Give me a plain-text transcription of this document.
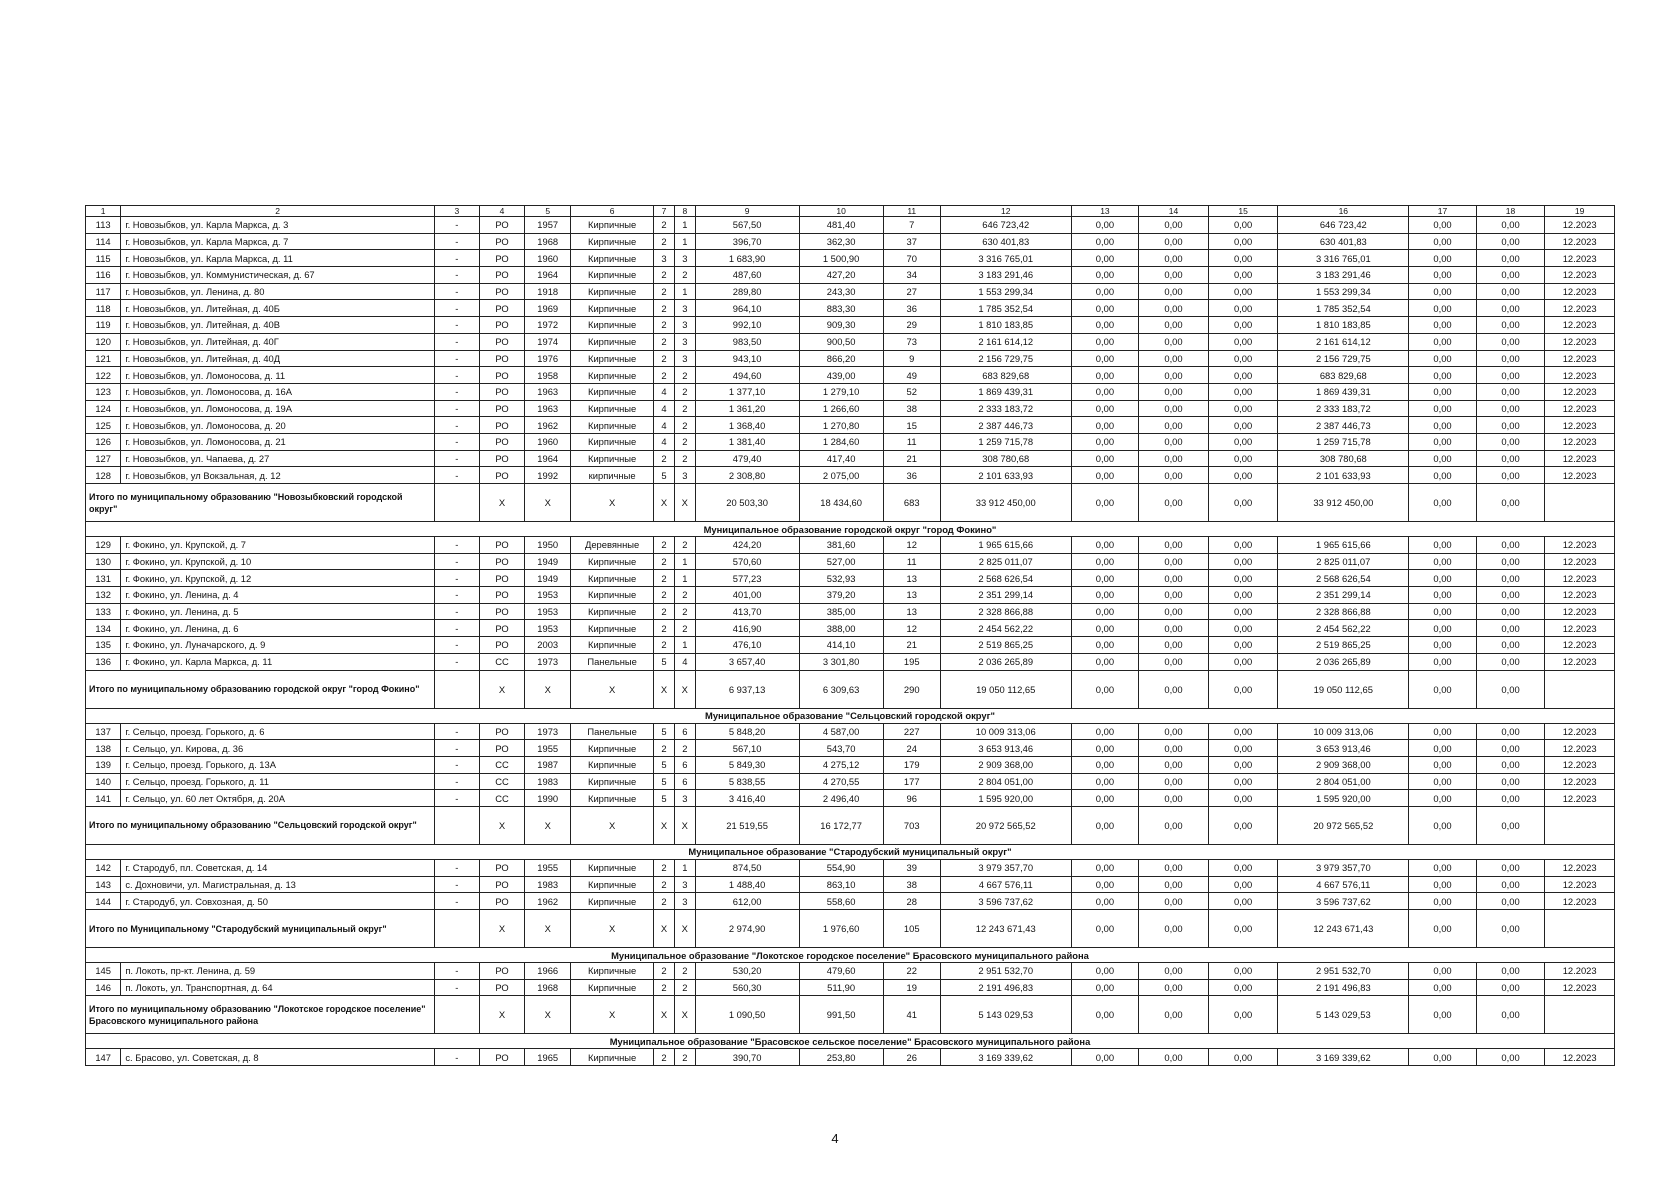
1	2	3	4	5	6	7	8	9	10	11	12	13	14	15	16	17	18	19
113	г. Новозыбков, ул. Карла Маркса, д. 3	-	РО	1957	Кирпичные	2	1	567,50	481,40	7	646 723,42	0,00	0,00	0,00	646 723,42	0,00	0,00	12.2023
114	г. Новозыбков, ул. Карла Маркса, д. 7	-	РО	1968	Кирпичные	2	1	396,70	362,30	37	630 401,83	0,00	0,00	0,00	630 401,83	0,00	0,00	12.2023
115	г. Новозыбков, ул. Карла Маркса, д. 11	-	РО	1960	Кирпичные	3	3	1 683,90	1 500,90	70	3 316 765,01	0,00	0,00	0,00	3 316 765,01	0,00	0,00	12.2023
116	г. Новозыбков, ул. Коммунистическая, д. 67	-	РО	1964	Кирпичные	2	2	487,60	427,20	34	3 183 291,46	0,00	0,00	0,00	3 183 291,46	0,00	0,00	12.2023
117	г. Новозыбков, ул. Ленина, д. 80	-	РО	1918	Кирпичные	2	1	289,80	243,30	27	1 553 299,34	0,00	0,00	0,00	1 553 299,34	0,00	0,00	12.2023
118	г. Новозыбков, ул. Литейная, д. 40Б	-	РО	1969	Кирпичные	2	3	964,10	883,30	36	1 785 352,54	0,00	0,00	0,00	1 785 352,54	0,00	0,00	12.2023
119	г. Новозыбков, ул. Литейная, д. 40В	-	РО	1972	Кирпичные	2	3	992,10	909,30	29	1 810 183,85	0,00	0,00	0,00	1 810 183,85	0,00	0,00	12.2023
120	г. Новозыбков, ул. Литейная, д. 40Г	-	РО	1974	Кирпичные	2	3	983,50	900,50	73	2 161 614,12	0,00	0,00	0,00	2 161 614,12	0,00	0,00	12.2023
121	г. Новозыбков, ул. Литейная, д. 40Д	-	РО	1976	Кирпичные	2	3	943,10	866,20	9	2 156 729,75	0,00	0,00	0,00	2 156 729,75	0,00	0,00	12.2023
122	г. Новозыбков, ул. Ломоносова, д. 11	-	РО	1958	Кирпичные	2	2	494,60	439,00	49	683 829,68	0,00	0,00	0,00	683 829,68	0,00	0,00	12.2023
123	г. Новозыбков, ул. Ломоносова, д. 16А	-	РО	1963	Кирпичные	4	2	1 377,10	1 279,10	52	1 869 439,31	0,00	0,00	0,00	1 869 439,31	0,00	0,00	12.2023
124	г. Новозыбков, ул. Ломоносова, д. 19А	-	РО	1963	Кирпичные	4	2	1 361,20	1 266,60	38	2 333 183,72	0,00	0,00	0,00	2 333 183,72	0,00	0,00	12.2023
125	г. Новозыбков, ул. Ломоносова, д. 20	-	РО	1962	Кирпичные	4	2	1 368,40	1 270,80	15	2 387 446,73	0,00	0,00	0,00	2 387 446,73	0,00	0,00	12.2023
126	г. Новозыбков, ул. Ломоносова, д. 21	-	РО	1960	Кирпичные	4	2	1 381,40	1 284,60	11	1 259 715,78	0,00	0,00	0,00	1 259 715,78	0,00	0,00	12.2023
127	г. Новозыбков, ул. Чапаева, д. 27	-	РО	1964	Кирпичные	2	2	479,40	417,40	21	308 780,68	0,00	0,00	0,00	308 780,68	0,00	0,00	12.2023
128	г. Новозыбков, ул Вокзальная, д. 12	-	РО	1992	кирпичные	5	3	2 308,80	2 075,00	36	2 101 633,93	0,00	0,00	0,00	2 101 633,93	0,00	0,00	12.2023
Итого по муниципальному образованию "Новозыбковский городской округ"			X	X	X	X	X	20 503,30	18 434,60	683	33 912 450,00	0,00	0,00	0,00	33 912 450,00	0,00	0,00	
Муниципальное образование городской округ "город Фокино"																		
129	г. Фокино, ул. Крупской, д. 7	-	РО	1950	Деревянные	2	2	424,20	381,60	12	1 965 615,66	0,00	0,00	0,00	1 965 615,66	0,00	0,00	12.2023
130	г. Фокино, ул. Крупской, д. 10	-	РО	1949	Кирпичные	2	1	570,60	527,00	11	2 825 011,07	0,00	0,00	0,00	2 825 011,07	0,00	0,00	12.2023
131	г. Фокино, ул. Крупской, д. 12	-	РО	1949	Кирпичные	2	1	577,23	532,93	13	2 568 626,54	0,00	0,00	0,00	2 568 626,54	0,00	0,00	12.2023
132	г. Фокино, ул. Ленина, д. 4	-	РО	1953	Кирпичные	2	2	401,00	379,20	13	2 351 299,14	0,00	0,00	0,00	2 351 299,14	0,00	0,00	12.2023
133	г. Фокино, ул. Ленина, д. 5	-	РО	1953	Кирпичные	2	2	413,70	385,00	13	2 328 866,88	0,00	0,00	0,00	2 328 866,88	0,00	0,00	12.2023
134	г. Фокино, ул. Ленина, д. 6	-	РО	1953	Кирпичные	2	2	416,90	388,00	12	2 454 562,22	0,00	0,00	0,00	2 454 562,22	0,00	0,00	12.2023
135	г. Фокино, ул. Луначарского, д. 9	-	РО	2003	Кирпичные	2	1	476,10	414,10	21	2 519 865,25	0,00	0,00	0,00	2 519 865,25	0,00	0,00	12.2023
136	г. Фокино, ул. Карла Маркса, д. 11	-	СС	1973	Панельные	5	4	3 657,40	3 301,80	195	2 036 265,89	0,00	0,00	0,00	2 036 265,89	0,00	0,00	12.2023
Итого по муниципальному образованию городской округ "город Фокино"			X	X	X	X	X	6 937,13	6 309,63	290	19 050 112,65	0,00	0,00	0,00	19 050 112,65	0,00	0,00	
Муниципальное образование "Сельцовский городской округ"																		
137	г. Сельцо, проезд. Горького, д. 6	-	РО	1973	Панельные	5	6	5 848,20	4 587,00	227	10 009 313,06	0,00	0,00	0,00	10 009 313,06	0,00	0,00	12.2023
138	г. Сельцо, ул. Кирова, д. 36	-	РО	1955	Кирпичные	2	2	567,10	543,70	24	3 653 913,46	0,00	0,00	0,00	3 653 913,46	0,00	0,00	12.2023
139	г. Сельцо, проезд. Горького, д. 13А	-	СС	1987	Кирпичные	5	6	5 849,30	4 275,12	179	2 909 368,00	0,00	0,00	0,00	2 909 368,00	0,00	0,00	12.2023
140	г. Сельцо, проезд. Горького, д. 11	-	СС	1983	Кирпичные	5	6	5 838,55	4 270,55	177	2 804 051,00	0,00	0,00	0,00	2 804 051,00	0,00	0,00	12.2023
141	г. Сельцо, ул. 60 лет Октября, д. 20А	-	СС	1990	Кирпичные	5	3	3 416,40	2 496,40	96	1 595 920,00	0,00	0,00	0,00	1 595 920,00	0,00	0,00	12.2023
Итого по муниципальному образованию "Сельцовский городской округ"			X	X	X	X	X	21 519,55	16 172,77	703	20 972 565,52	0,00	0,00	0,00	20 972 565,52	0,00	0,00	
Муниципальное образование "Стародубский муниципальный округ"																		
142	г. Стародуб, пл. Советская, д. 14	-	РО	1955	Кирпичные	2	1	874,50	554,90	39	3 979 357,70	0,00	0,00	0,00	3 979 357,70	0,00	0,00	12.2023
143	с. Дохновичи, ул. Магистральная, д. 13	-	РО	1983	Кирпичные	2	3	1 488,40	863,10	38	4 667 576,11	0,00	0,00	0,00	4 667 576,11	0,00	0,00	12.2023
144	г. Стародуб, ул. Совхозная, д. 50	-	РО	1962	Кирпичные	2	3	612,00	558,60	28	3 596 737,62	0,00	0,00	0,00	3 596 737,62	0,00	0,00	12.2023
Итого по Муниципальному "Стародубский муниципальный округ"			X	X	X	X	X	2 974,90	1 976,60	105	12 243 671,43	0,00	0,00	0,00	12 243 671,43	0,00	0,00	
Муниципальное образование "Локотское городское поселение" Брасовского муниципального района																		
145	п. Локоть, пр-кт. Ленина, д. 59	-	РО	1966	Кирпичные	2	2	530,20	479,60	22	2 951 532,70	0,00	0,00	0,00	2 951 532,70	0,00	0,00	12.2023
146	п. Локоть, ул. Транспортная, д. 64	-	РО	1968	Кирпичные	2	2	560,30	511,90	19	2 191 496,83	0,00	0,00	0,00	2 191 496,83	0,00	0,00	12.2023
Итого по муниципальному образованию "Локотское городское поселение" Брасовского муниципального района			X	X	X	X	X	1 090,50	991,50	41	5 143 029,53	0,00	0,00	0,00	5 143 029,53	0,00	0,00	
Муниципальное образование "Брасовское сельское поселение" Брасовского муниципального района																		
147	с. Брасово, ул. Советская, д. 8	-	РО	1965	Кирпичные	2	2	390,70	253,80	26	3 169 339,62	0,00	0,00	0,00	3 169 339,62	0,00	0,00	12.2023
4
